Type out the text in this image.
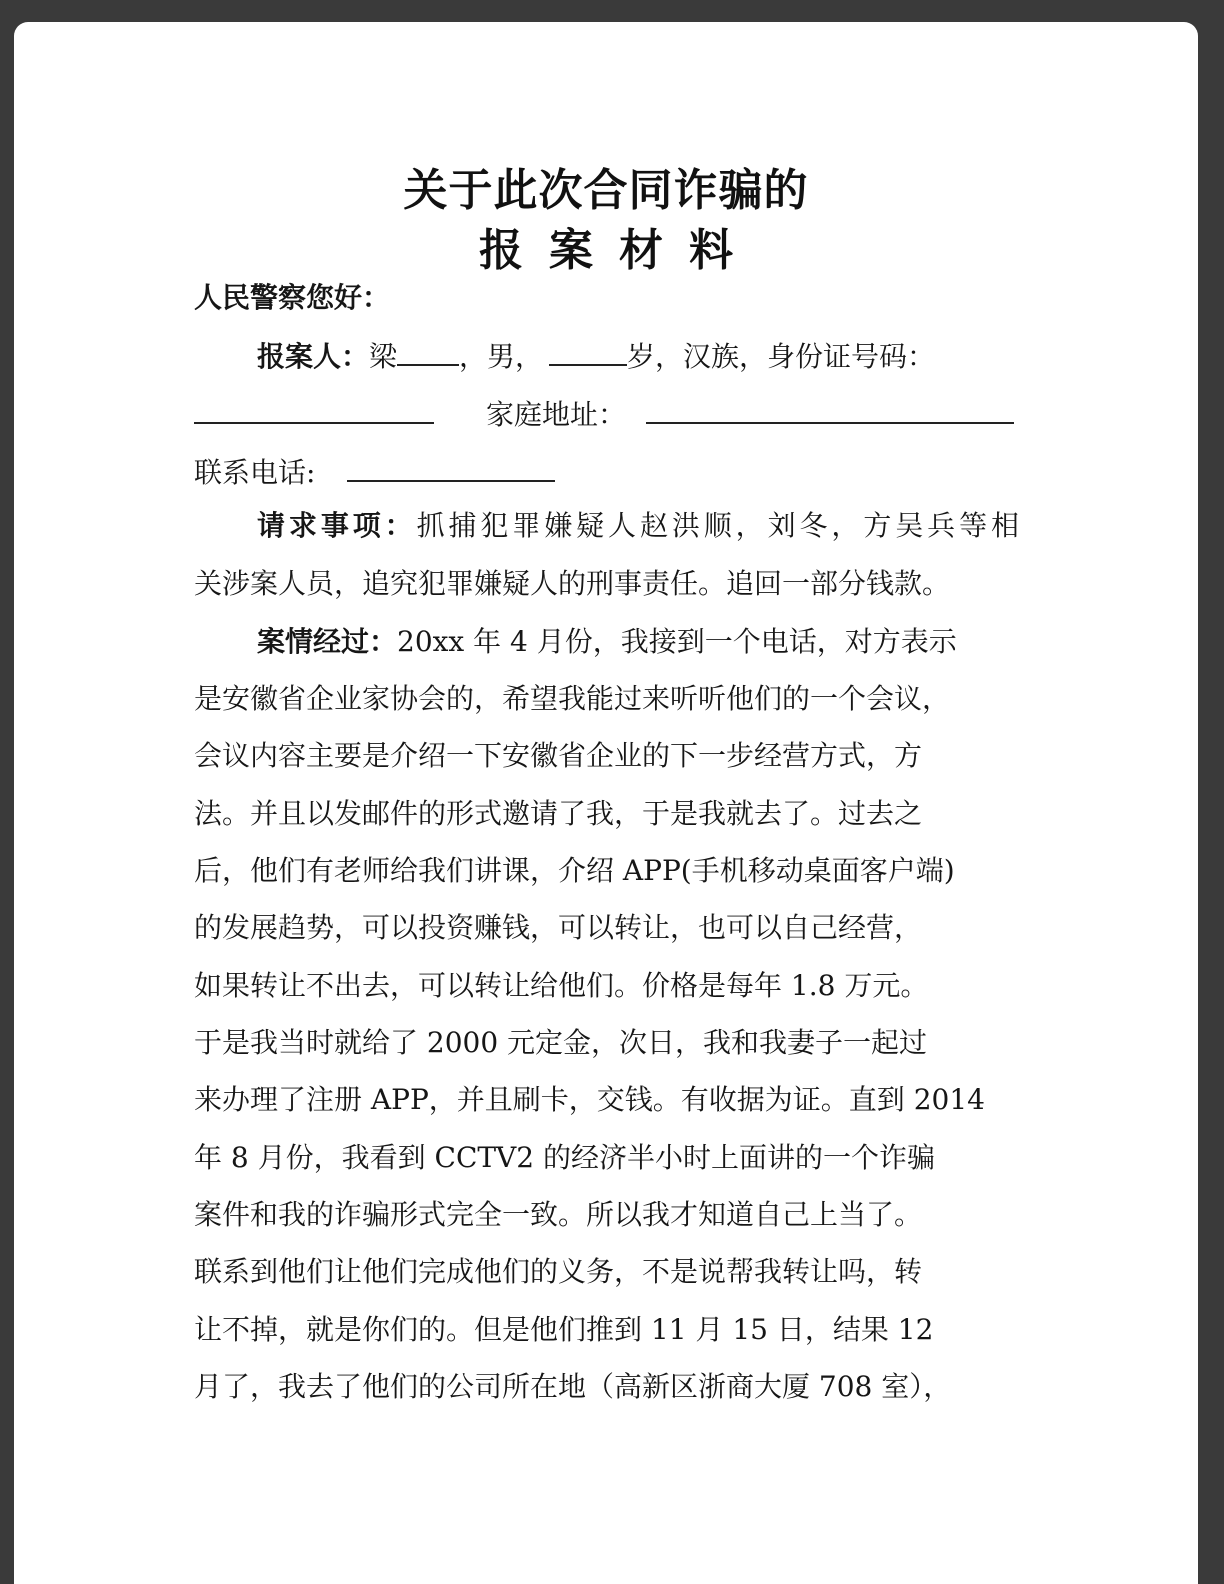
关于此次合同诈骗的
报案材料
人民警察您好：
报案人：梁 ，男，	岁，汉族，身份证号码：
家庭地址：
联系电话:
请求事项：抓捕犯罪嫌疑人赵洪顺，刘冬，方吴兵等相
关涉案人员，追究犯罪嫌疑人的刑事责任。追回一部分钱款。
案情经过：20xx 年 4 月份，我接到一个电话，对方表示
是安徽省企业家协会的，希望我能过来听听他们的一个会议，
会议内容主要是介绍一下安徽省企业的下一步经营方式，方
法。并且以发邮件的形式邀请了我，于是我就去了。过去之
后，他们有老师给我们讲课，介绍 APP(手机移动桌面客户端)
的发展趋势，可以投资赚钱，可以转让，也可以自己经营，
如果转让不出去，可以转让给他们。价格是每年 1.8 万元。
于是我当时就给了 2000 元定金，次日，我和我妻子一起过
来办理了注册 APP，并且刷卡，交钱。有收据为证。直到 2014
年 8 月份，我看到 CCTV2 的经济半小时上面讲的一个诈骗
案件和我的诈骗形式完全一致。所以我才知道自己上当了。
联系到他们让他们完成他们的义务，不是说帮我转让吗，转
让不掉，就是你们的。但是他们推到 11 月 15 日，结果 12
月了，我去了他们的公司所在地（高新区浙商大厦 708 室），
